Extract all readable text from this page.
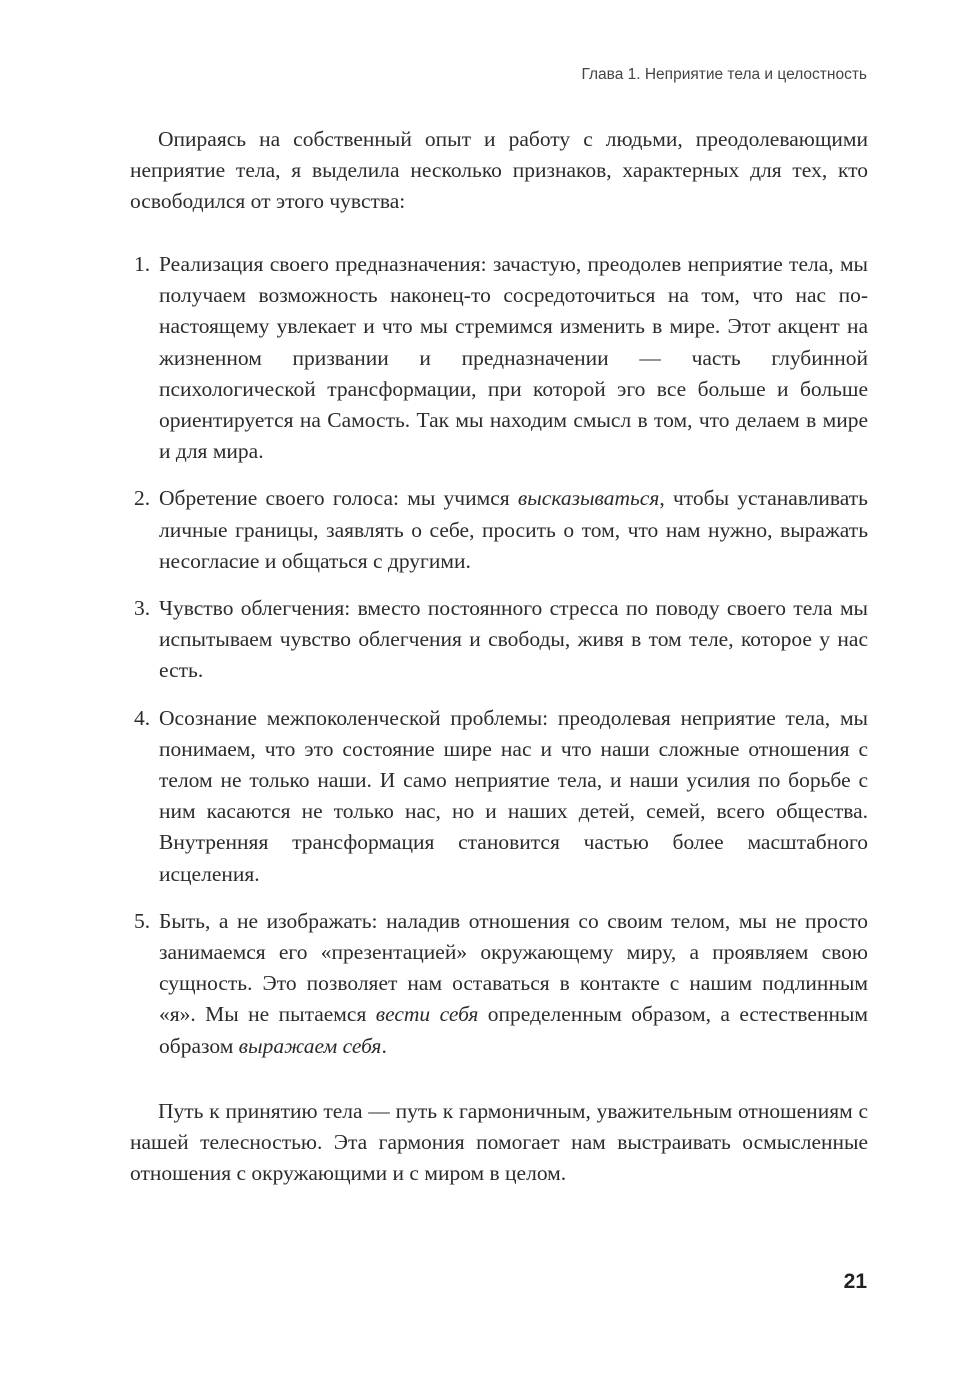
Глава 1. Неприятие тела и целостность

Опираясь на собственный опыт и работу с людьми, преодолевающими неприятие тела, я выделила несколько признаков, характерных для тех, кто освободился от этого чувства:

1. Реализация своего предназначения: зачастую, преодолев неприятие тела, мы получаем возможность наконец-то сосредоточиться на том, что нас по-настоящему увлекает и что мы стремимся изменить в мире. Этот акцент на жизненном призвании и предназначении — часть глубинной психологической трансформации, при которой эго все больше и больше ориентируется на Самость. Так мы находим смысл в том, что делаем в мире и для мира.
2. Обретение своего голоса: мы учимся высказываться, чтобы устанавливать личные границы, заявлять о себе, просить о том, что нам нужно, выражать несогласие и общаться с другими.
3. Чувство облегчения: вместо постоянного стресса по поводу своего тела мы испытываем чувство облегчения и свободы, живя в том теле, которое у нас есть.
4. Осознание межпоколенческой проблемы: преодолевая неприятие тела, мы понимаем, что это состояние шире нас и что наши сложные отношения с телом не только наши. И само неприятие тела, и наши усилия по борьбе с ним касаются не только нас, но и наших детей, семей, всего общества. Внутренняя трансформация становится частью более масштабного исцеления.
5. Быть, а не изображать: наладив отношения со своим телом, мы не просто занимаемся его «презентацией» окружающему миру, а проявляем свою сущность. Это позволяет нам оставаться в контакте с нашим подлинным «я». Мы не пытаемся вести себя определенным образом, а естественным образом выражаем себя.

Путь к принятию тела — путь к гармоничным, уважительным отношениям с нашей телесностью. Эта гармония помогает нам выстраивать осмысленные отношения с окружающими и с миром в целом.

21
